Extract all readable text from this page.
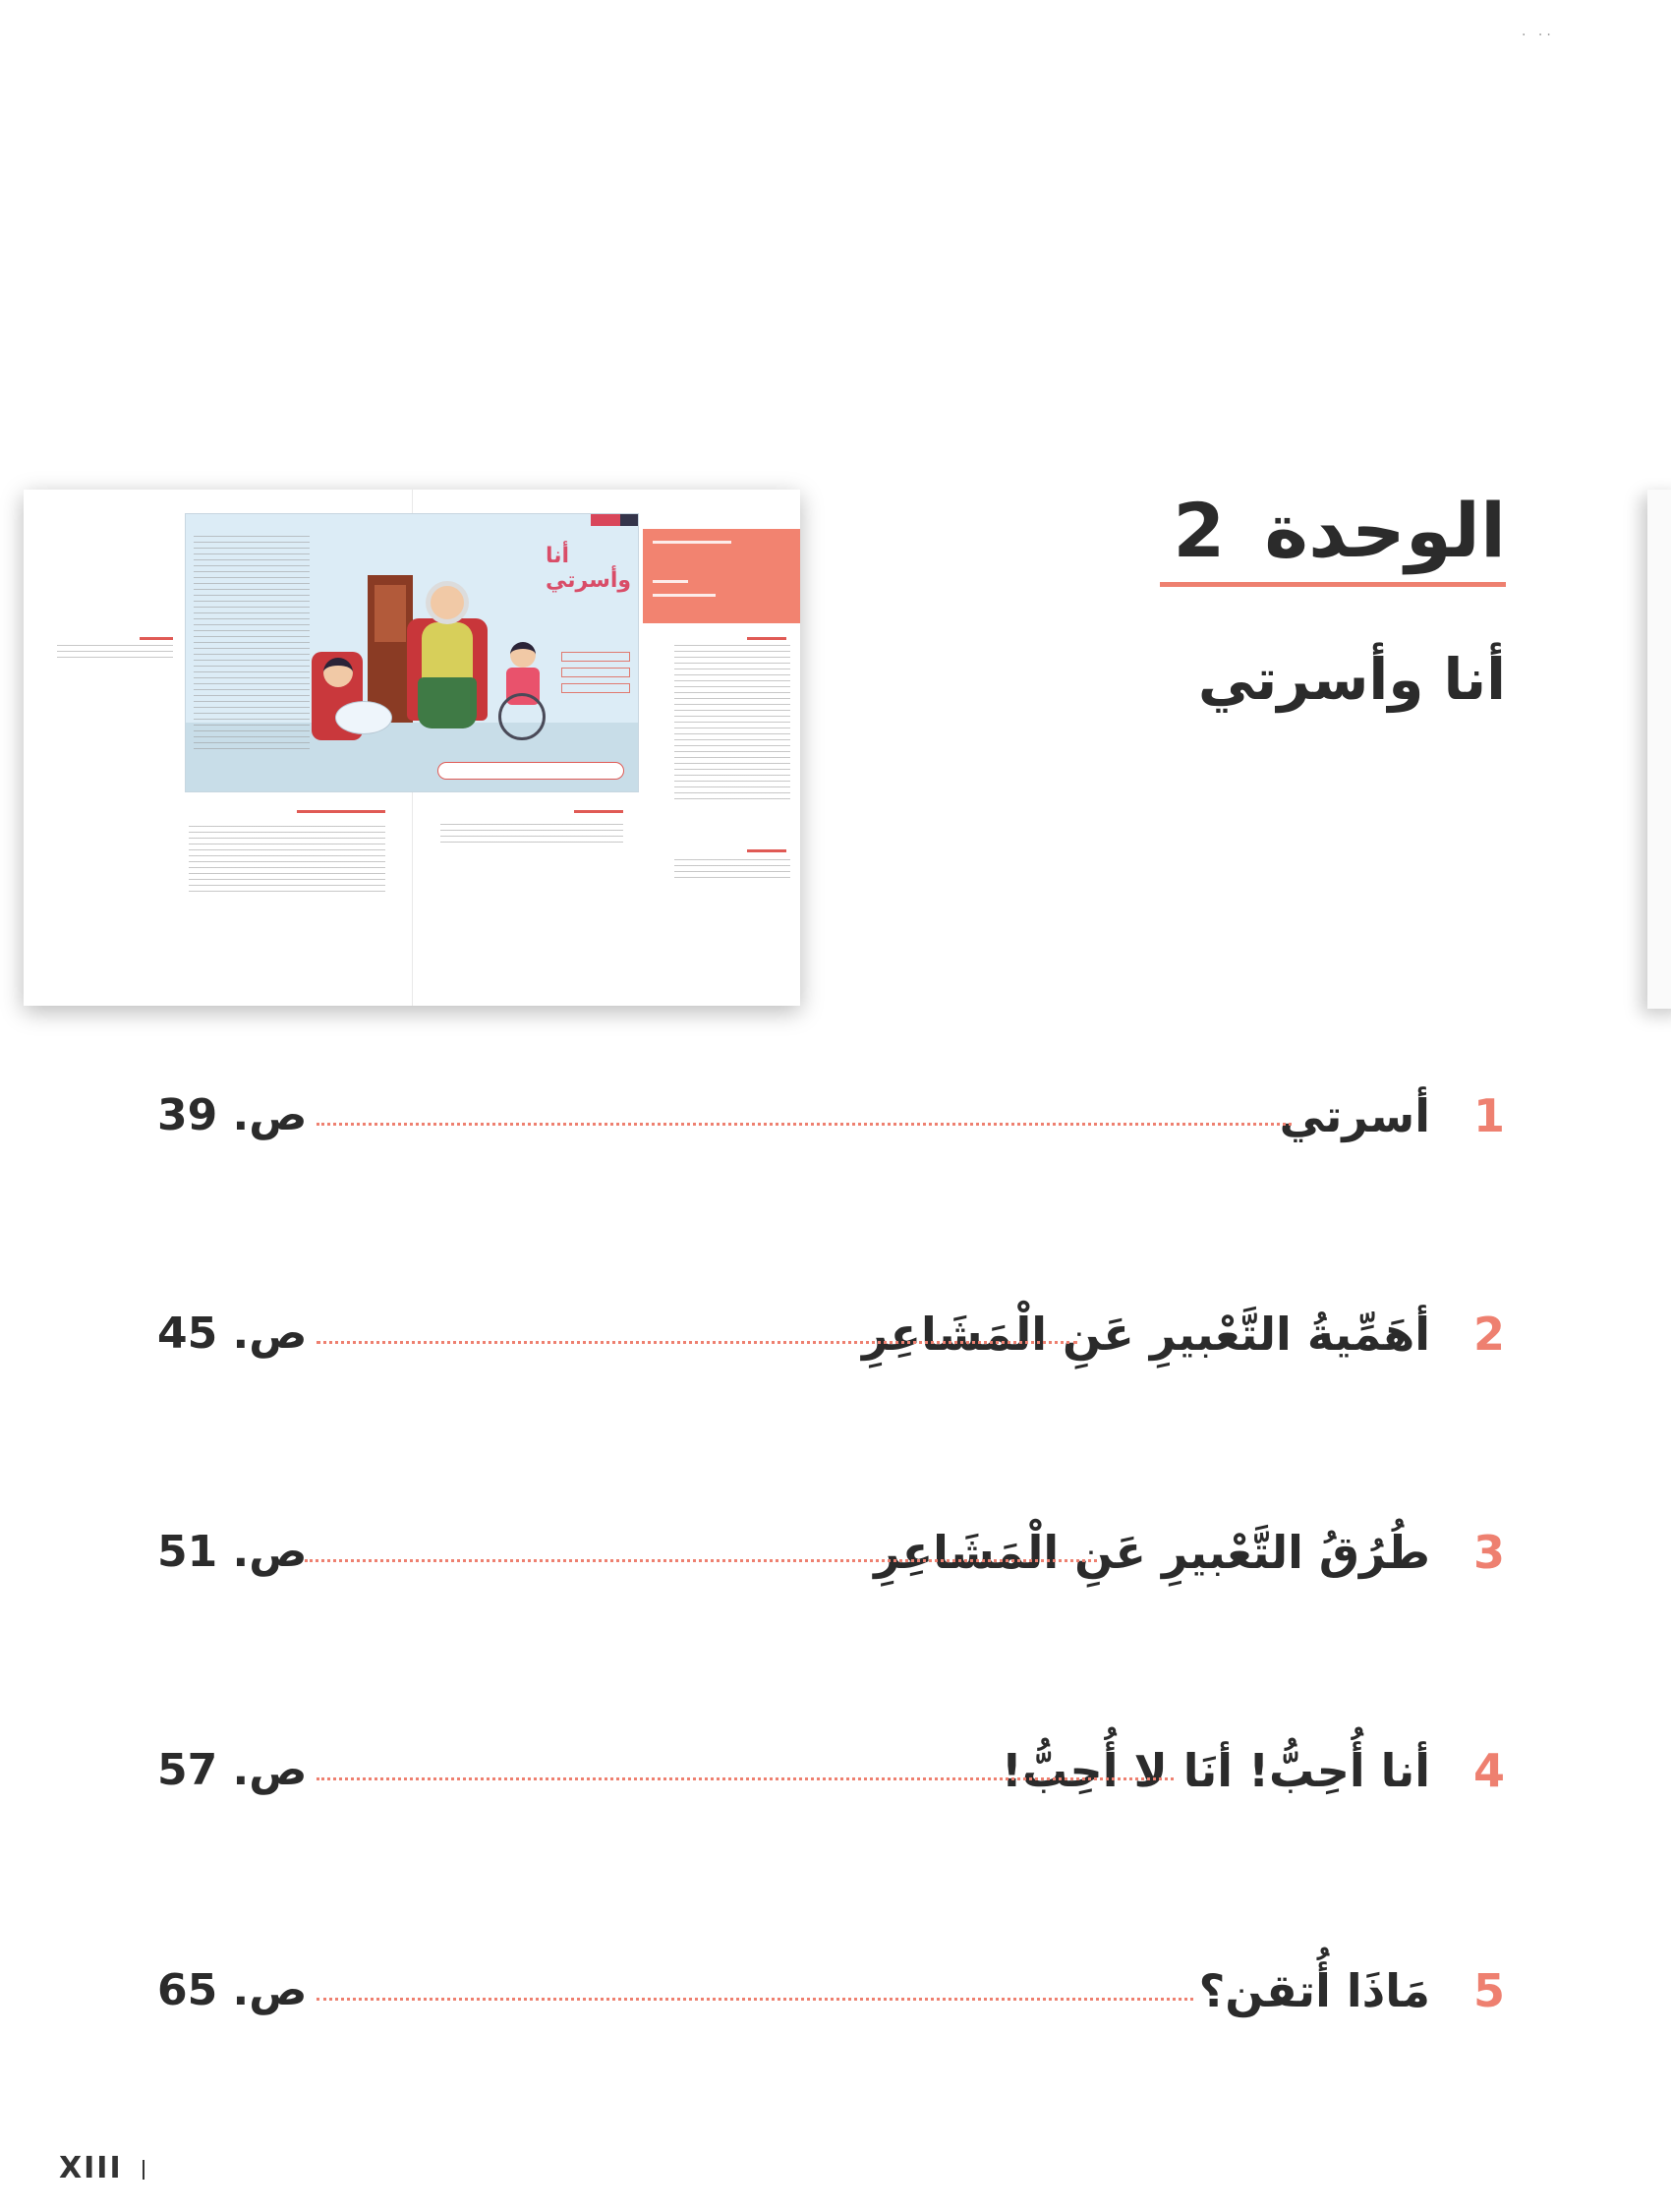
· ··
الوحدة2
أنا وأسرتي
أنا وأسرتي
1
أسرتي
ص. 39
2
أهَمِّيةُ التَّعْبيرِ عَنِ الْمَشَاعِرِ
ص. 45
3
طُرُقُ التَّعْبيرِ عَنِ الْمَشَاعِرِ
ص. 51
4
أنا أُحِبُّ! أنَا لا أُحِبُّ!
ص. 57
5
مَاذَا أُتقن؟
ص. 65
XIII
